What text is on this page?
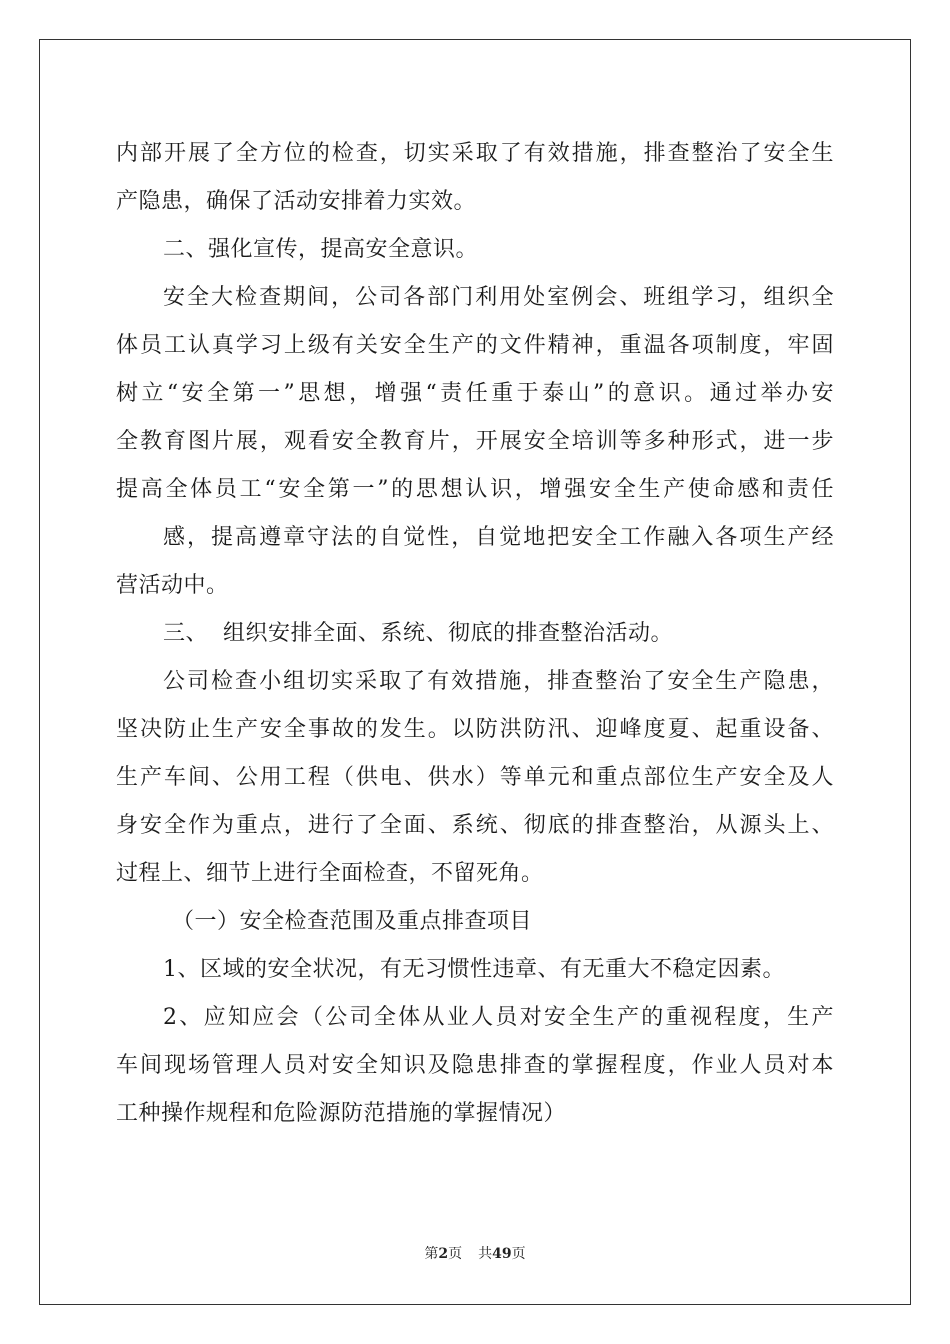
内部开展了全方位的检查，切实采取了有效措施，排查整治了安全生
产隐患，确保了活动安排着力实效。
二、强化宣传，提高安全意识。
安全大检查期间，公司各部门利用处室例会、班组学习，组织全
体员工认真学习上级有关安全生产的文件精神，重温各项制度，牢固
树立“安全第一”思想，增强“责任重于泰山”的意识。通过举办安
全教育图片展，观看安全教育片，开展安全培训等多种形式，进一步
提高全体员工“安全第一”的思想认识，增强安全生产使命感和责任
感，提高遵章守法的自觉性，自觉地把安全工作融入各项生产经
营活动中。
三、  组织安排全面、系统、彻底的排查整治活动。
公司检查小组切实采取了有效措施，排查整治了安全生产隐患，
坚决防止生产安全事故的发生。以防洪防汛、迎峰度夏、起重设备、
生产车间、公用工程（供电、供水）等单元和重点部位生产安全及人
身安全作为重点，进行了全面、系统、彻底的排查整治，从源头上、
过程上、细节上进行全面检查，不留死角。
（一）安全检查范围及重点排查项目
1、区域的安全状况，有无习惯性违章、有无重大不稳定因素。
2、应知应会（公司全体从业人员对安全生产的重视程度，生产
车间现场管理人员对安全知识及隐患排查的掌握程度，作业人员对本
工种操作规程和危险源防范措施的掌握情况）
第2页 共49页
